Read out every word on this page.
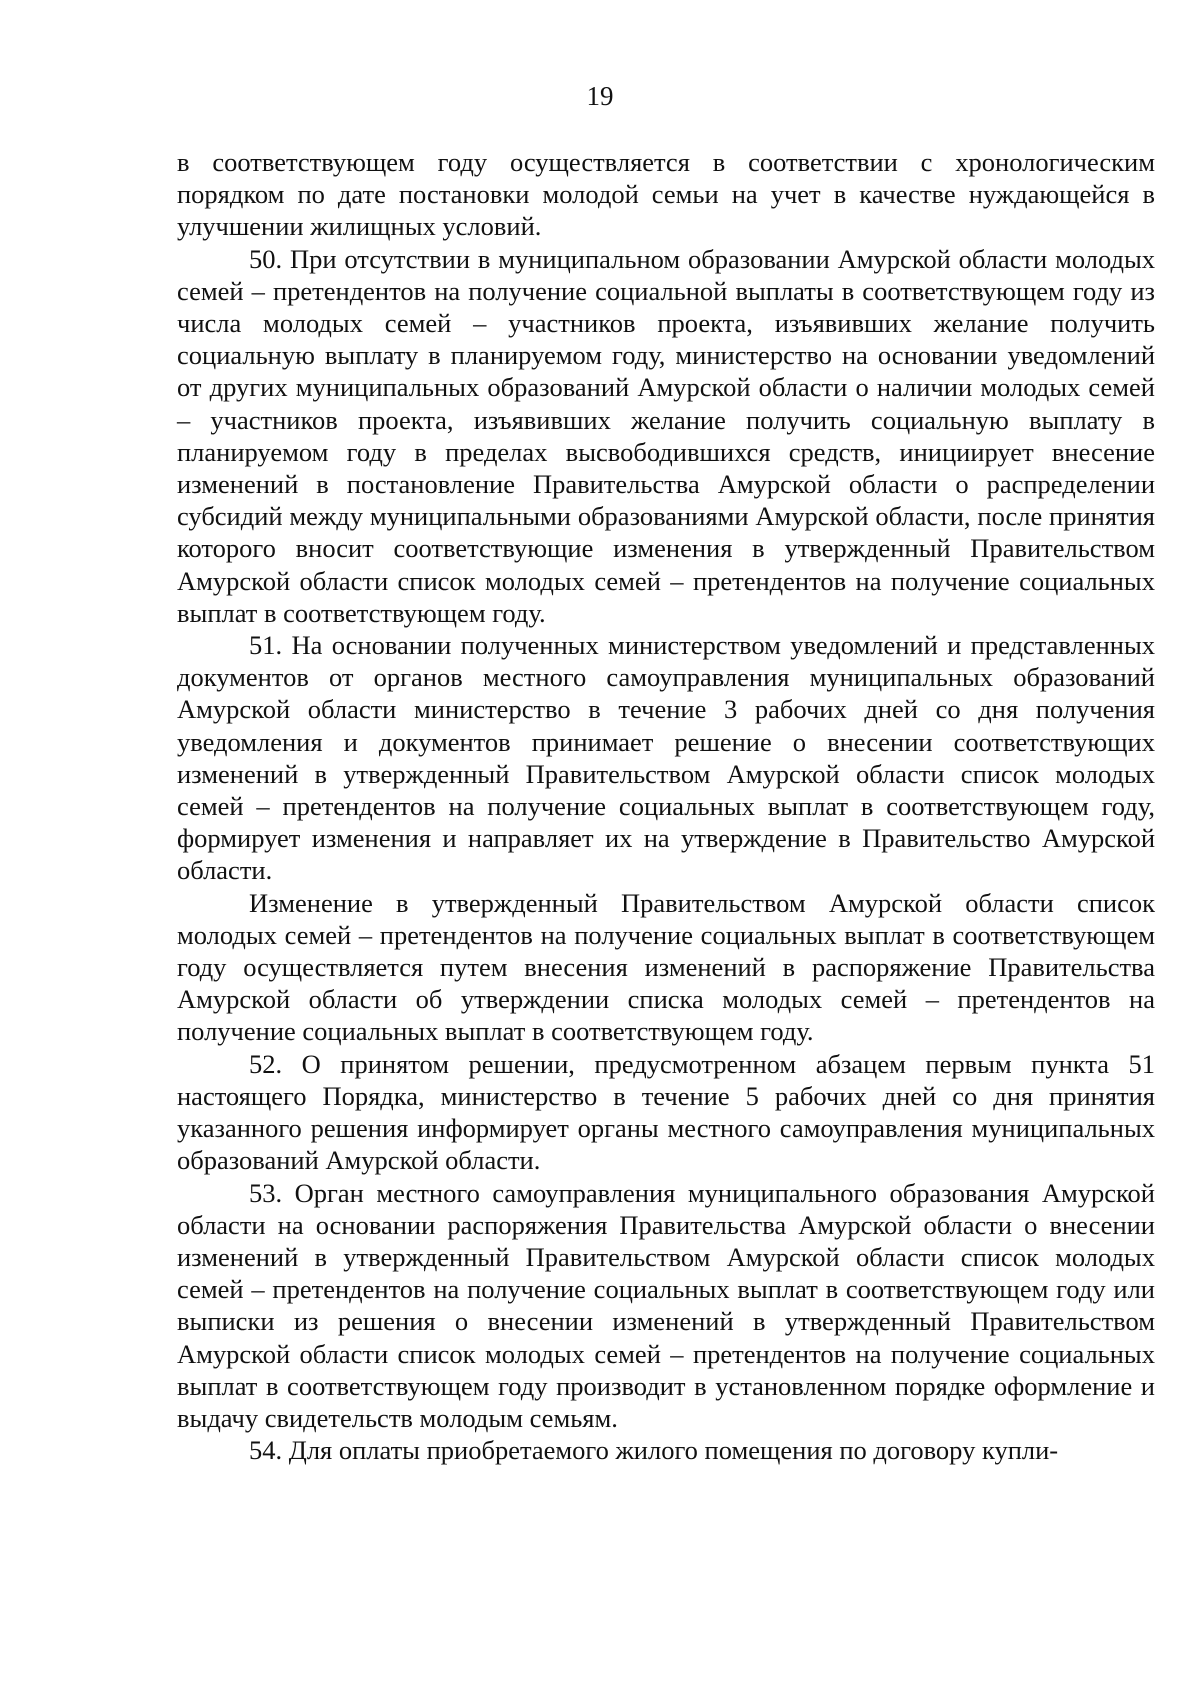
19

в соответствующем году осуществляется в соответствии с хронологическим порядком по дате постановки молодой семьи на учет в качестве нуждающейся в улучшении жилищных условий.

50. При отсутствии в муниципальном образовании Амурской области молодых семей – претендентов на получение социальной выплаты в соответствующем году из числа молодых семей – участников проекта, изъявивших желание получить социальную выплату в планируемом году, министерство на основании уведомлений от других муниципальных образований Амурской области о наличии молодых семей – участников проекта, изъявивших желание получить социальную выплату в планируемом году в пределах высвободившихся средств, инициирует внесение изменений в постановление Правительства Амурской области о распределении субсидий между муниципальными образованиями Амурской области, после принятия которого вносит соответствующие изменения в утвержденный Правительством Амурской области список молодых семей – претендентов на получение социальных выплат в соответствующем году.

51. На основании полученных министерством уведомлений и представленных документов от органов местного самоуправления муниципальных образований Амурской области министерство в течение 3 рабочих дней со дня получения уведомления и документов принимает решение о внесении соответствующих изменений в утвержденный Правительством Амурской области список молодых семей – претендентов на получение социальных выплат в соответствующем году, формирует изменения и направляет их на утверждение в Правительство Амурской области.

Изменение в утвержденный Правительством Амурской области список молодых семей – претендентов на получение социальных выплат в соответствующем году осуществляется путем внесения изменений в распоряжение Правительства Амурской области об утверждении списка молодых семей – претендентов на получение социальных выплат в соответствующем году.

52. О принятом решении, предусмотренном абзацем первым пункта 51 настоящего Порядка, министерство в течение 5 рабочих дней со дня принятия указанного решения информирует органы местного самоуправления муниципальных образований Амурской области.

53. Орган местного самоуправления муниципального образования Амурской области на основании распоряжения Правительства Амурской области о внесении изменений в утвержденный Правительством Амурской области список молодых семей – претендентов на получение социальных выплат в соответствующем году или выписки из решения о внесении изменений в утвержденный Правительством Амурской области список молодых семей – претендентов на получение социальных выплат в соответствующем году производит в установленном порядке оформление и выдачу свидетельств молодым семьям.

54. Для оплаты приобретаемого жилого помещения по договору купли-
